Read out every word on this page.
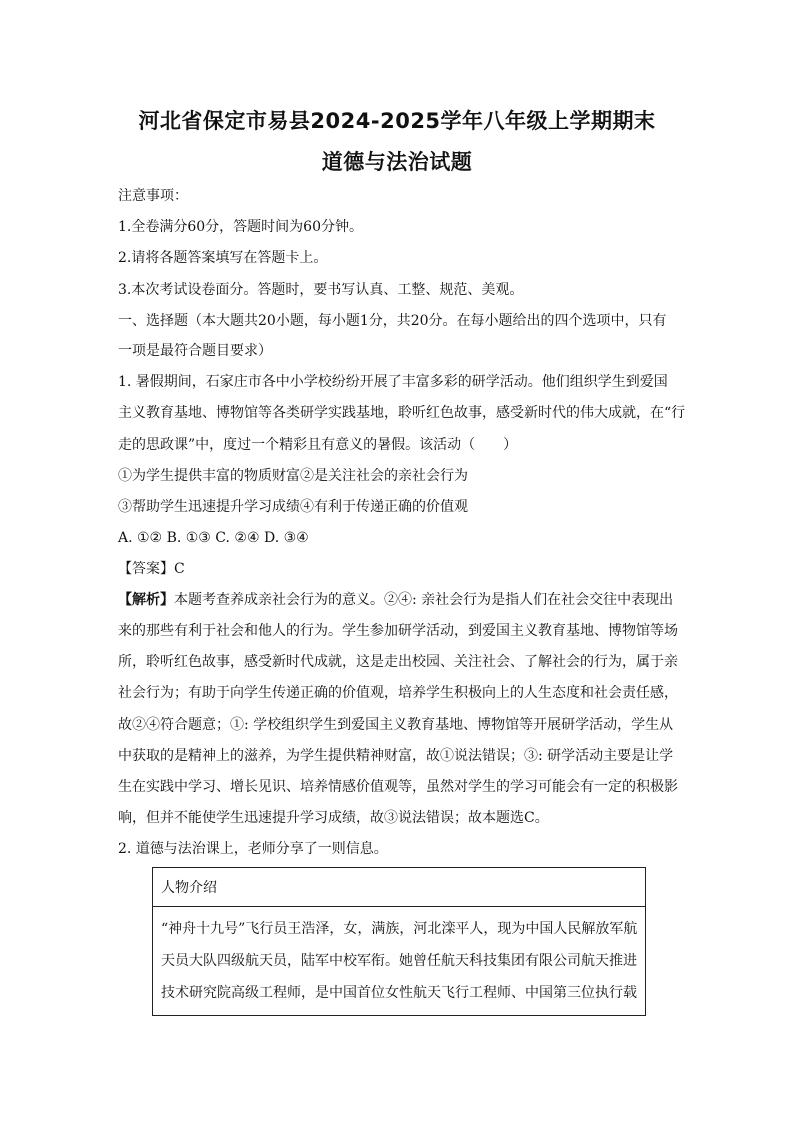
河北省保定市易县2024-2025学年八年级上学期期末
道德与法治试题
注意事项：
1.全卷满分60分，答题时间为60分钟。
2.请将各题答案填写在答题卡上。
3.本次考试设卷面分。答题时，要书写认真、工整、规范、美观。
一、选择题（本大题共20小题，每小题1分，共20分。在每小题给出的四个选项中，只有
一项是最符合题目要求）
1. 暑假期间，石家庄市各中小学校纷纷开展了丰富多彩的研学活动。他们组织学生到爱国
主义教育基地、博物馆等各类研学实践基地，聆听红色故事，感受新时代的伟大成就，在“行
走的思政课”中，度过一个精彩且有意义的暑假。该活动（　　）
①为学生提供丰富的物质财富②是关注社会的亲社会行为
③帮助学生迅速提升学习成绩④有利于传递正确的价值观
A. ①② B. ①③ C. ②④ D. ③④
【答案】C
【解析】本题考查养成亲社会行为的意义。②④: 亲社会行为是指人们在社会交往中表现出
来的那些有利于社会和他人的行为。学生参加研学活动，到爱国主义教育基地、博物馆等场
所，聆听红色故事，感受新时代成就，这是走出校园、关注社会、了解社会的行为，属于亲
社会行为；有助于向学生传递正确的价值观，培养学生积极向上的人生态度和社会责任感，
故②④符合题意；①: 学校组织学生到爱国主义教育基地、博物馆等开展研学活动，学生从
中获取的是精神上的滋养，为学生提供精神财富，故①说法错误；③: 研学活动主要是让学
生在实践中学习、增长见识、培养情感价值观等，虽然对学生的学习可能会有一定的积极影
响，但并不能使学生迅速提升学习成绩，故③说法错误；故本题选C。
2. 道德与法治课上，老师分享了一则信息。
人物介绍

“神舟十九号”飞行员王浩泽，女，满族，河北滦平人，现为中国人民解放军航
天员大队四级航天员，陆军中校军衔。她曾任航天科技集团有限公司航天推进
技术研究院高级工程师，是中国首位女性航天飞行工程师、中国第三位执行载
